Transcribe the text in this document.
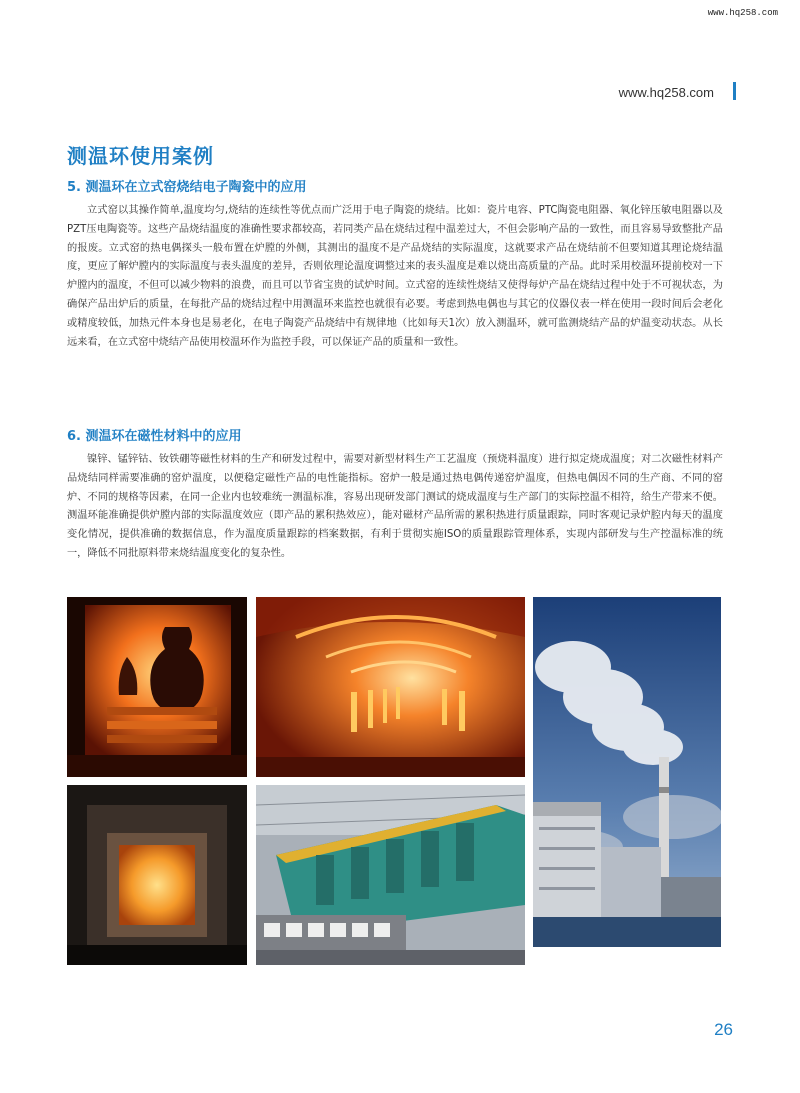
www.hq258.com
www.hq258.com
测温环使用案例
5. 测温环在立式窑烧结电子陶瓷中的应用

立式窑以其操作简单,温度均匀,烧结的连续性等优点而广泛用于电子陶瓷的烧结。比如：瓷片电容、PTC陶瓷电阻器、氧化锌压敏电阻器以及PZT压电陶瓷等。这些产品烧结温度的准确性要求都较高，若同类产品在烧结过程中温差过大，不但会影响产品的一致性，而且容易导致整批产品的报废。立式窑的热电偶探头一般布置在炉膛的外侧，其测出的温度不是产品烧结的实际温度，这就要求产品在烧结前不但要知道其理论烧结温度，更应了解炉膛内的实际温度与表头温度的差异，否则依理论温度调整过来的表头温度是难以烧出高质量的产品。此时采用校温环提前校对一下炉膛内的温度，不但可以减少物料的浪费，而且可以节省宝贵的试炉时间。立式窑的连续性烧结又使得每炉产品在烧结过程中处于不可视状态，为确保产品出炉后的质量，在每批产品的烧结过程中用测温环来监控也就很有必要。考虑到热电偶也与其它的仪器仪表一样在使用一段时间后会老化或精度较低，加热元件本身也是易老化，在电子陶瓷产品烧结中有规律地（比如每天1次）放入测温环，就可监测烧结产品的炉温变动状态。从长远来看，在立式窑中烧结产品使用校温环作为监控手段，可以保证产品的质量和一致性。

6. 测温环在磁性材料中的应用

镍锌、锰锌钴、钕铁硼等磁性材料的生产和研发过程中，需要对新型材料生产工艺温度（预烧料温度）进行拟定烧成温度；对二次磁性材料产品烧结同样需要准确的窑炉温度，以便稳定磁性产品的电性能指标。窑炉一般是通过热电偶传递窑炉温度，但热电偶因不同的生产商、不同的窑炉、不同的规格等因素，在同一企业内也较难统一测温标准，容易出现研发部门测试的烧成温度与生产部门的实际控温不相符，给生产带来不便。测温环能准确提供炉膛内部的实际温度效应（即产品的累积热效应），能对磁材产品所需的累积热进行质量跟踪，同时客观记录炉腔内每天的温度变化情况，提供准确的数据信息，作为温度质量跟踪的档案数据，有利于贯彻实施ISO的质量跟踪管理体系，实现内部研发与生产控温标准的统一，降低不同批原料带来烧结温度变化的复杂性。

26
